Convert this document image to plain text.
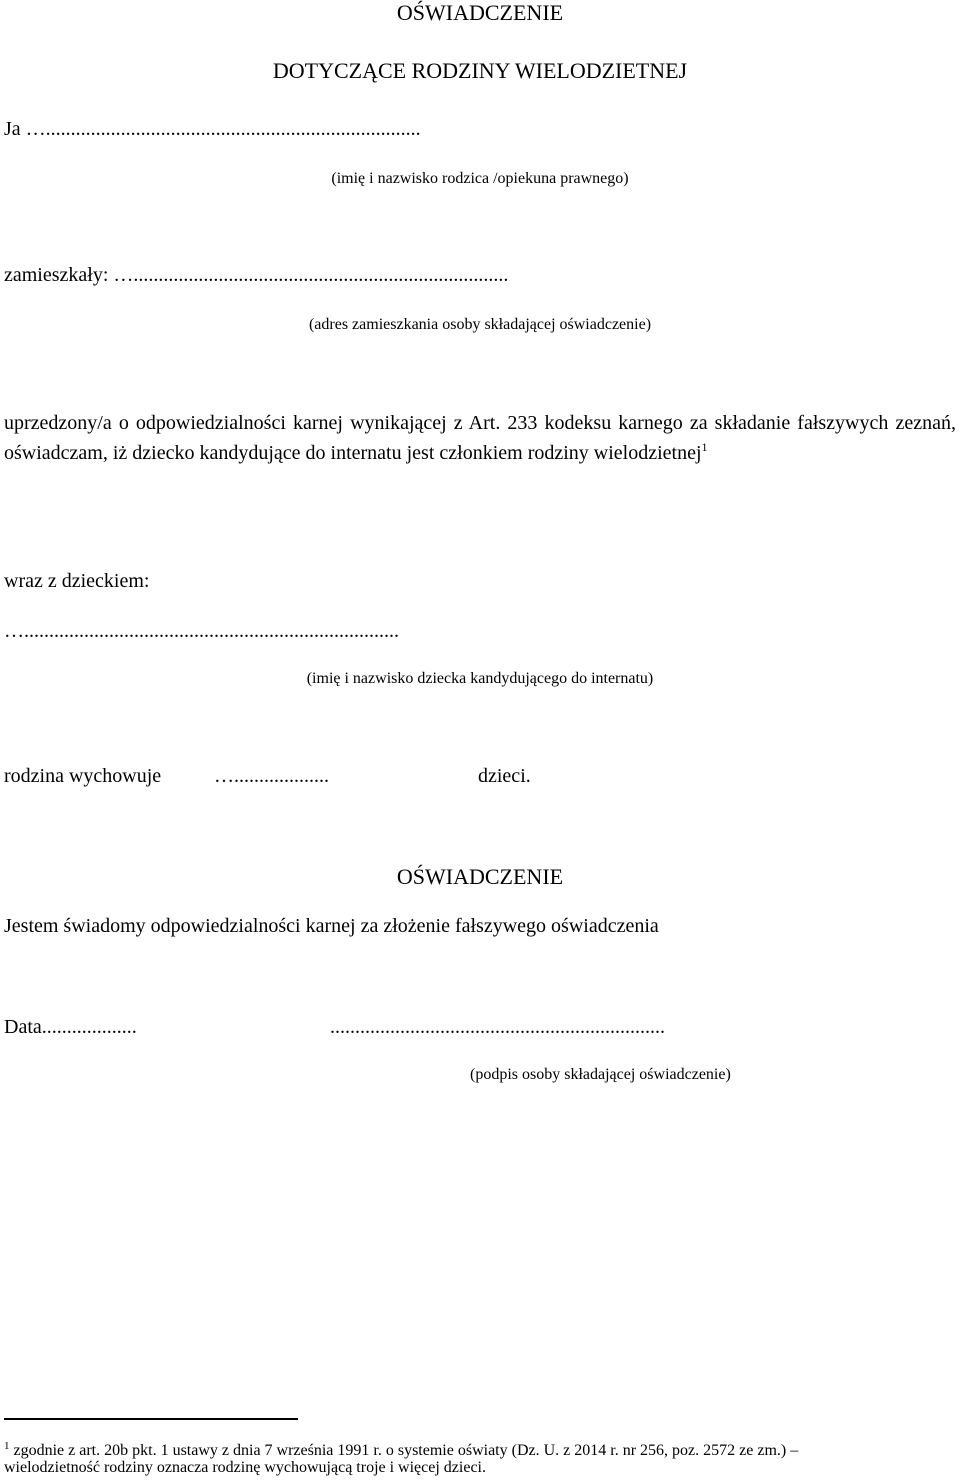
OŚWIADCZENIE
DOTYCZĄCE RODZINY WIELODZIETNEJ
Ja …...........................................................................
(imię i nazwisko rodzica /opiekuna prawnego)
zamieszkały: …...........................................................................
(adres zamieszkania osoby składającej oświadczenie)
uprzedzony/a o odpowiedzialności karnej wynikającej z Art. 233 kodeksu karnego za składanie fałszywych zeznań, oświadczam, iż dziecko kandydujące do internatu jest członkiem rodziny wielodzietnej$^1$
wraz z dzieckiem:
…...........................................................................
(imię i nazwisko dziecka kandydującego do internatu)
rodzina wychowuje	…...................	dzieci.
OŚWIADCZENIE
Jestem świadomy odpowiedzialności karnej za złożenie fałszywego oświadczenia
Data...................	...................................................................
(podpis osoby składającej oświadczenie)
$^1$ zgodnie z art. 20b pkt. 1 ustawy z dnia 7 września 1991 r. o systemie oświaty (Dz. U. z 2014 r. nr 256, poz. 2572 ze zm.) –
wielodzietność rodziny oznacza rodzinę wychowującą troje i więcej dzieci.
